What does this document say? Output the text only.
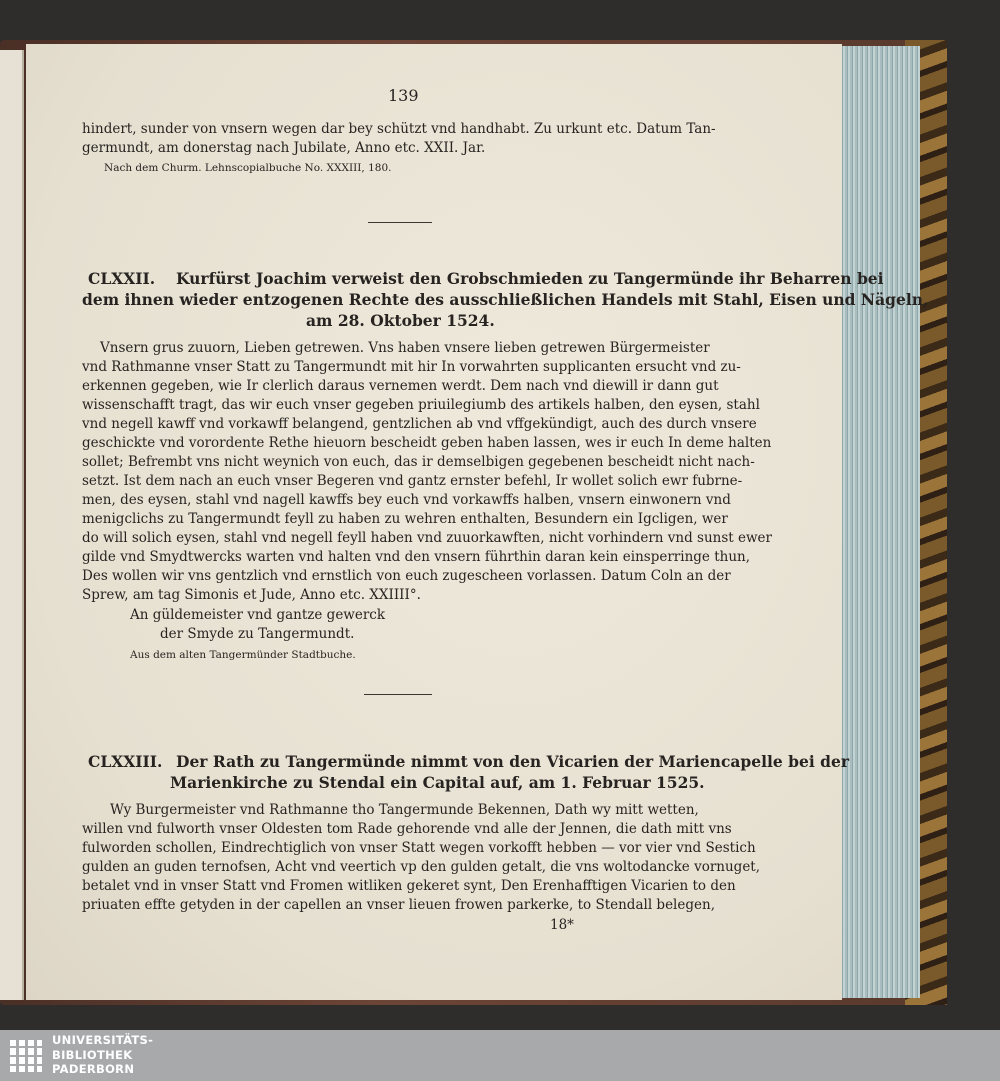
139

hindert, sunder von vnsern wegen dar bey schützt vnd handhabt. Zu urkunt etc. Datum Tan-

germundt, am donerstag nach Jubilate, Anno etc. XXII. Jar.

Nach dem Churm. Lehnscopialbuche No. XXXIII, 180.

CLXXII. Kurfürst Joachim verweist den Grobschmieden zu Tangermünde ihr Beharren bei

dem ihnen wieder entzogenen Rechte des ausschließlichen Handels mit Stahl, Eisen und Nägeln,

am 28. Oktober 1524.

Vnsern grus zuuorn, Lieben getrewen. Vns haben vnsere lieben getrewen Bürgermeister

vnd Rathmanne vnser Statt zu Tangermundt mit hir In vorwahrten supplicanten ersucht vnd zu-

erkennen gegeben, wie Ir clerlich daraus vernemen werdt. Dem nach vnd diewill ir dann gut

wissenschafft tragt, das wir euch vnser gegeben priuilegiumb des artikels halben, den eysen, stahl

vnd negell kawff vnd vorkawff belangend, gentzlichen ab vnd vffgekündigt, auch des durch vnsere

geschickte vnd vorordente Rethe hieuorn bescheidt geben haben lassen, wes ir euch In deme halten

sollet; Befrembt vns nicht weynich von euch, das ir demselbigen gegebenen bescheidt nicht nach-

setzt. Ist dem nach an euch vnser Begeren vnd gantz ernster befehl, Ir wollet solich ewr fubrne-

men, des eysen, stahl vnd nagell kawffs bey euch vnd vorkawffs halben, vnsern einwonern vnd

menigclichs zu Tangermundt feyll zu haben zu wehren enthalten, Besundern ein Igcligen, wer

do will solich eysen, stahl vnd negell feyll haben vnd zuuorkawften, nicht vorhindern vnd sunst ewer

gilde vnd Smydtwercks warten vnd halten vnd den vnsern führthin daran kein einsperringe thun,

Des wollen wir vns gentzlich vnd ernstlich von euch zugescheen vorlassen. Datum Coln an der

Sprew, am tag Simonis et Jude, Anno etc. XXIIII°.

An güldemeister vnd gantze gewerck

der Smyde zu Tangermundt.

Aus dem alten Tangermünder Stadtbuche.

CLXXIII. Der Rath zu Tangermünde nimmt von den Vicarien der Mariencapelle bei der

Marienkirche zu Stendal ein Capital auf, am 1. Februar 1525.

Wy Burgermeister vnd Rathmanne tho Tangermunde Bekennen, Dath wy mitt wetten,

willen vnd fulworth vnser Oldesten tom Rade gehorende vnd alle der Jennen, die dath mitt vns

fulworden schollen, Eindrechtiglich von vnser Statt wegen vorkofft hebben — vor vier vnd Sestich

gulden an guden ternofsen, Acht vnd veertich vp den gulden getalt, die vns woltodancke vornuget,

betalet vnd in vnser Statt vnd Fromen witliken gekeret synt, Den Erenhafftigen Vicarien to den

priuaten effte getyden in der capellen an vnser lieuen frowen parkerke, to Stendall belegen,

18*

UNIVERSITÄTS-
BIBLIOTHEK
PADERBORN
